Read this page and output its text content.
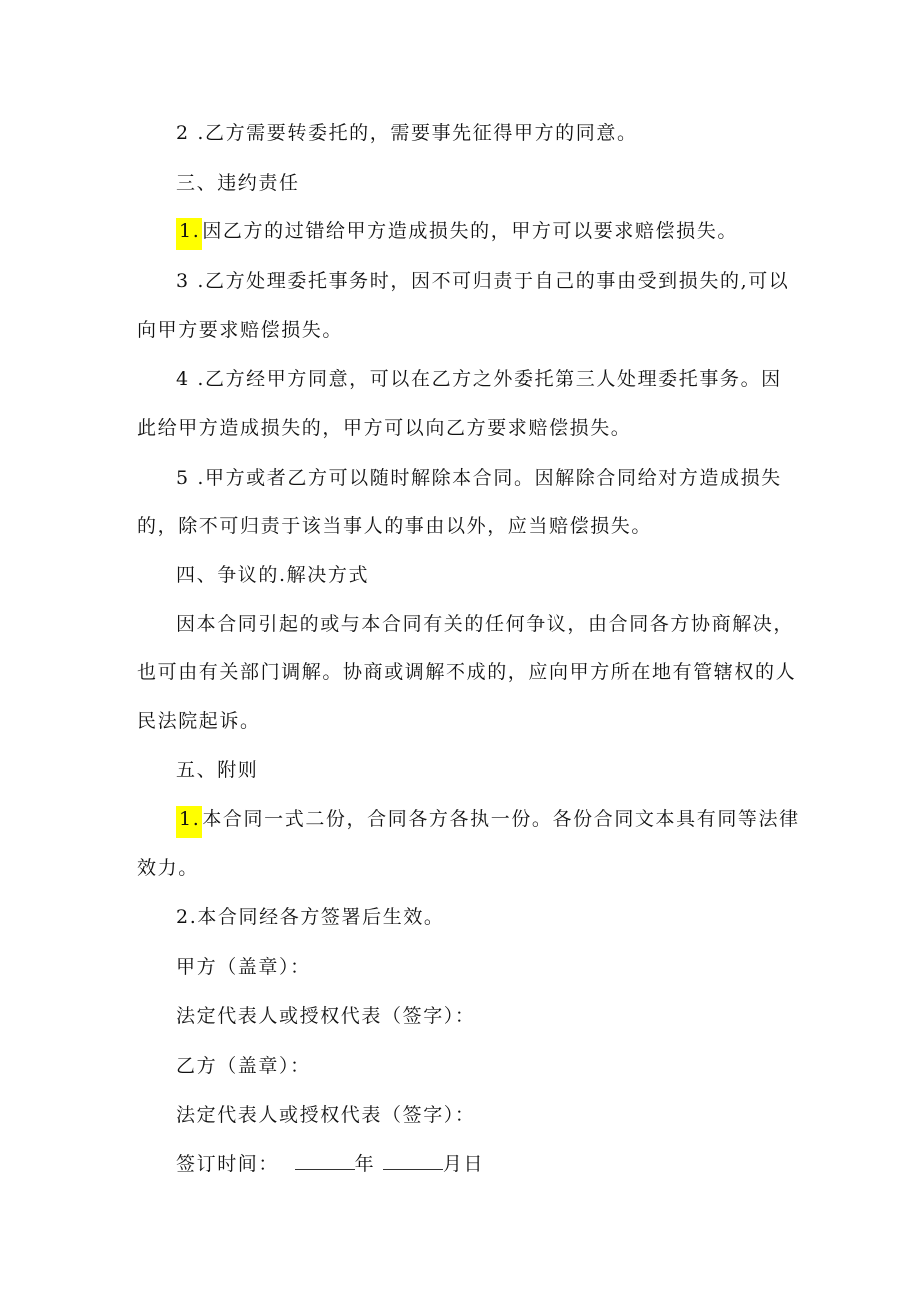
2 .乙方需要转委托的，需要事先征得甲方的同意。
三、违约责任
1. 因乙方的过错给甲方造成损失的，甲方可以要求赔偿损失。
3 .乙方处理委托事务时，因不可归责于自己的事由受到损失的,可以
向甲方要求赔偿损失。
4 .乙方经甲方同意，可以在乙方之外委托第三人处理委托事务。因
此给甲方造成损失的，甲方可以向乙方要求赔偿损失。
5 .甲方或者乙方可以随时解除本合同。因解除合同给对方造成损失
的，除不可归责于该当事人的事由以外，应当赔偿损失。
四、争议的.解决方式
因本合同引起的或与本合同有关的任何争议，由合同各方协商解决，
也可由有关部门调解。协商或调解不成的，应向甲方所在地有管辖权的人
民法院起诉。
五、附则
1. 本合同一式二份，合同各方各执一份。各份合同文本具有同等法律
效力。
2.本合同经各方签署后生效。
甲方（盖章）：
法定代表人或授权代表（签字）：
乙方（盖章）：
法定代表人或授权代表（签字）：
签订时间：	年	月日
